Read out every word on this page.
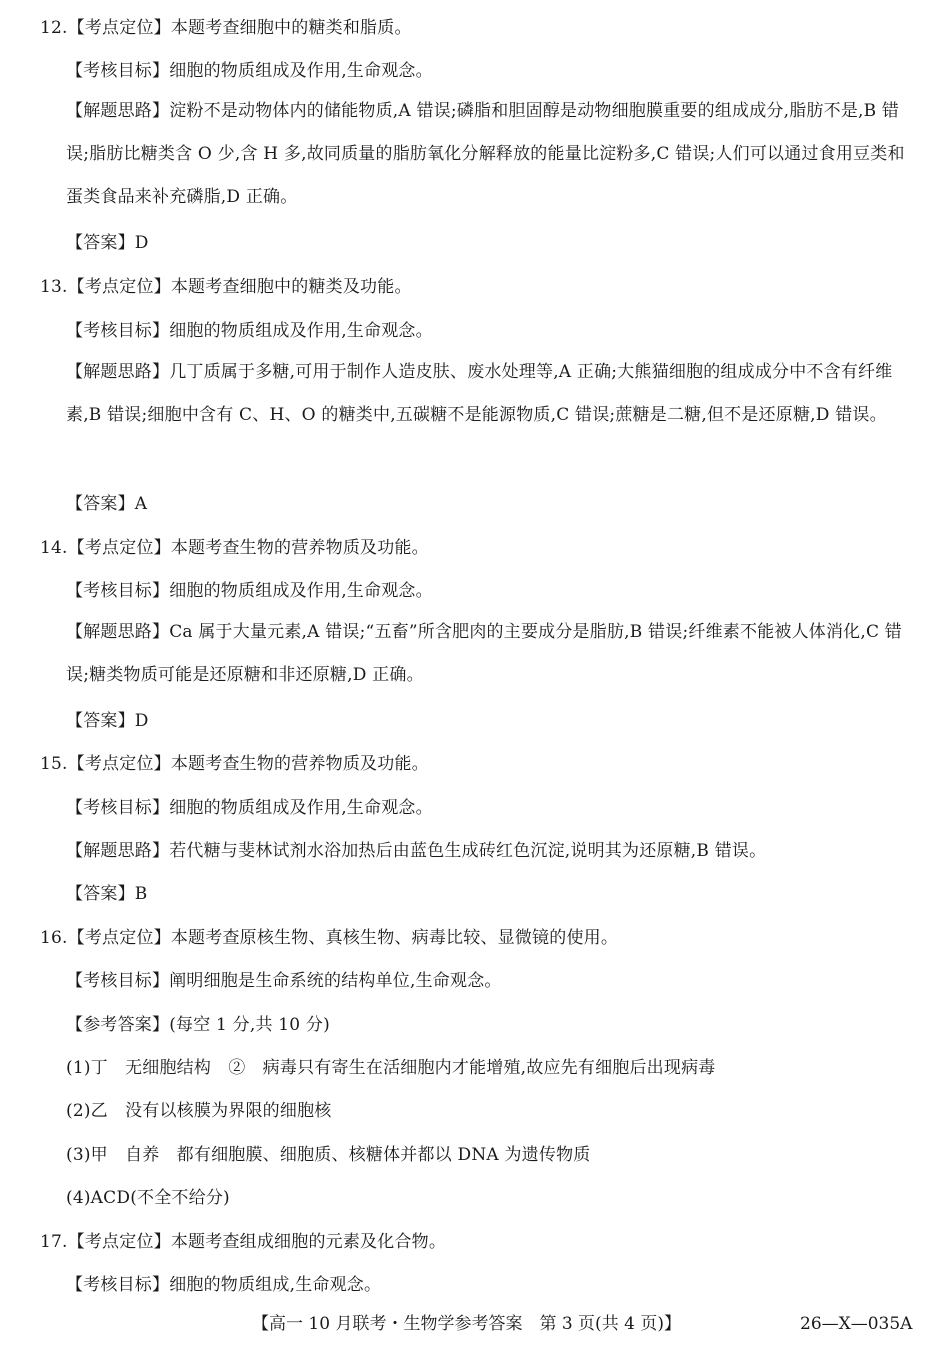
12.【考点定位】本题考查细胞中的糖类和脂质。
【考核目标】细胞的物质组成及作用,生命观念。
【解题思路】淀粉不是动物体内的储能物质,A 错误;磷脂和胆固醇是动物细胞膜重要的组成成分,脂肪不是,B 错误;脂肪比糖类含 O 少,含 H 多,故同质量的脂肪氧化分解释放的能量比淀粉多,C 错误;人们可以通过食用豆类和蛋类食品来补充磷脂,D 正确。
【答案】D
13.【考点定位】本题考查细胞中的糖类及功能。
【考核目标】细胞的物质组成及作用,生命观念。
【解题思路】几丁质属于多糖,可用于制作人造皮肤、废水处理等,A 正确;大熊猫细胞的组成成分中不含有纤维素,B 错误;细胞中含有 C、H、O 的糖类中,五碳糖不是能源物质,C 错误;蔗糖是二糖,但不是还原糖,D 错误。
【答案】A
14.【考点定位】本题考查生物的营养物质及功能。
【考核目标】细胞的物质组成及作用,生命观念。
【解题思路】Ca 属于大量元素,A 错误;“五畜”所含肥肉的主要成分是脂肪,B 错误;纤维素不能被人体消化,C 错误;糖类物质可能是还原糖和非还原糖,D 正确。
【答案】D
15.【考点定位】本题考查生物的营养物质及功能。
【考核目标】细胞的物质组成及作用,生命观念。
【解题思路】若代糖与斐林试剂水浴加热后由蓝色生成砖红色沉淀,说明其为还原糖,B 错误。
【答案】B
16.【考点定位】本题考查原核生物、真核生物、病毒比较、显微镜的使用。
【考核目标】阐明细胞是生命系统的结构单位,生命观念。
【参考答案】(每空 1 分,共 10 分)
(1)丁　无细胞结构　②　病毒只有寄生在活细胞内才能增殖,故应先有细胞后出现病毒
(2)乙　没有以核膜为界限的细胞核
(3)甲　自养　都有细胞膜、细胞质、核糖体并都以 DNA 为遗传物质
(4)ACD(不全不给分)
17.【考点定位】本题考查组成细胞的元素及化合物。
【考核目标】细胞的物质组成,生命观念。
【高一 10 月联考・生物学参考答案　第 3 页(共 4 页)】	26—X—035A
